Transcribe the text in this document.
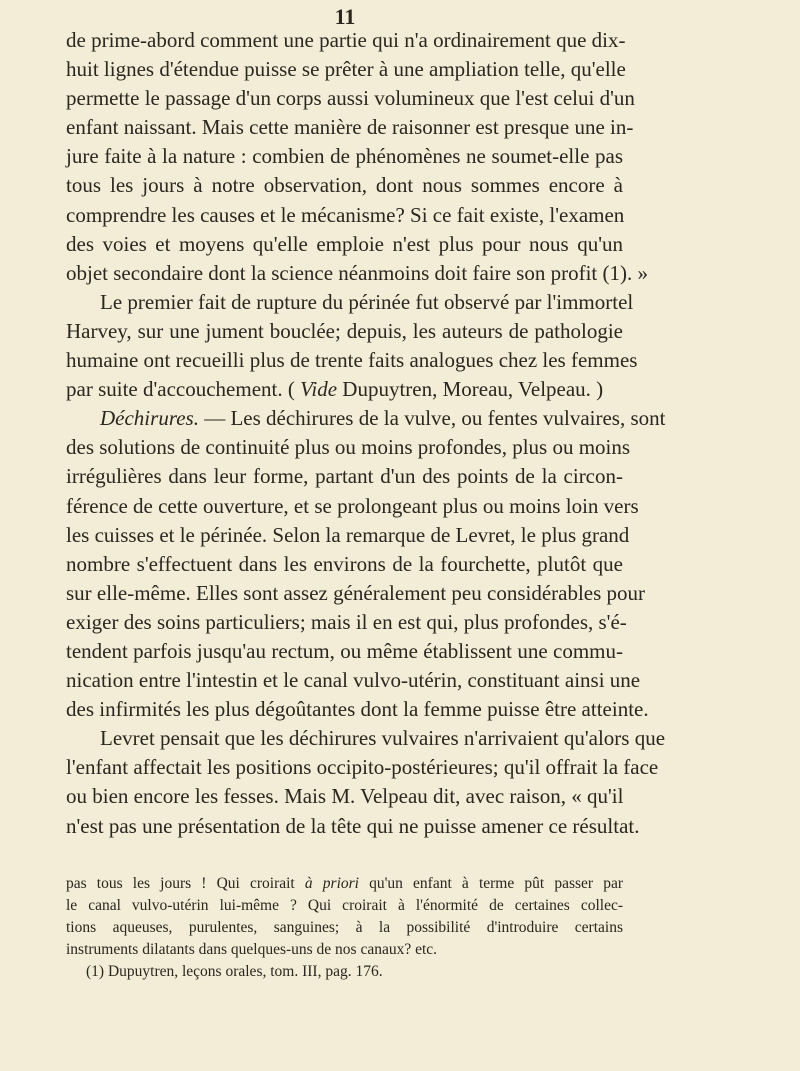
11
de prime-abord comment une partie qui n'a ordinairement que dix-
huit lignes d'étendue puisse se prêter à une ampliation telle, qu'elle
permette le passage d'un corps aussi volumineux que l'est celui d'un
enfant naissant. Mais cette manière de raisonner est presque une in-
jure faite à la nature : combien de phénomènes ne soumet-elle pas
tous les jours à notre observation, dont nous sommes encore à
comprendre les causes et le mécanisme? Si ce fait existe, l'examen
des voies et moyens qu'elle emploie n'est plus pour nous qu'un
objet secondaire dont la science néanmoins doit faire son profit (1). »
Le premier fait de rupture du périnée fut observé par l'immortel
Harvey, sur une jument bouclée; depuis, les auteurs de pathologie
humaine ont recueilli plus de trente faits analogues chez les femmes
par suite d'accouchement. ( Vide Dupuytren, Moreau, Velpeau. )
Déchirures. — Les déchirures de la vulve, ou fentes vulvaires, sont
des solutions de continuité plus ou moins profondes, plus ou moins
irrégulières dans leur forme, partant d'un des points de la circon-
férence de cette ouverture, et se prolongeant plus ou moins loin vers
les cuisses et le périnée. Selon la remarque de Levret, le plus grand
nombre s'effectuent dans les environs de la fourchette, plutôt que
sur elle-même. Elles sont assez généralement peu considérables pour
exiger des soins particuliers; mais il en est qui, plus profondes, s'é-
tendent parfois jusqu'au rectum, ou même établissent une commu-
nication entre l'intestin et le canal vulvo-utérin, constituant ainsi une
des infirmités les plus dégoûtantes dont la femme puisse être atteinte.
Levret pensait que les déchirures vulvaires n'arrivaient qu'alors que
l'enfant affectait les positions occipito-postérieures; qu'il offrait la face
ou bien encore les fesses. Mais M. Velpeau dit, avec raison, « qu'il
n'est pas une présentation de la tête qui ne puisse amener ce résultat.
pas tous les jours ! Qui croirait à priori qu'un enfant à terme pût passer par
le canal vulvo-utérin lui-même ? Qui croirait à l'énormité de certaines collec-
tions aqueuses, purulentes, sanguines; à la possibilité d'introduire certains
instruments dilatants dans quelques-uns de nos canaux? etc.
(1) Dupuytren, leçons orales, tom. III, pag. 176.
